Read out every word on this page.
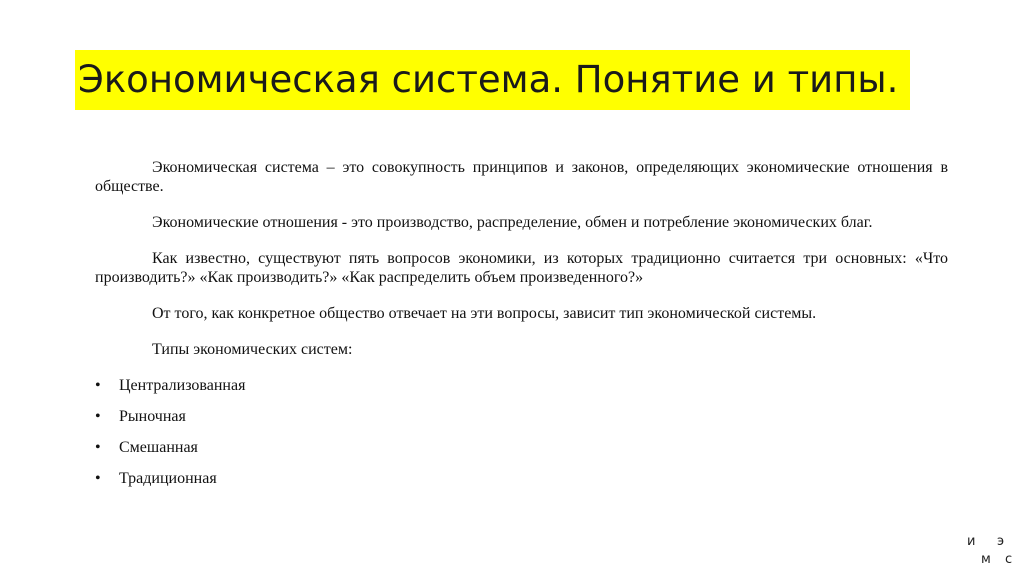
Экономическая система. Понятие и типы.

Экономическая система – это совокупность принципов и законов, определяющих экономические отношения в обществе.

Экономические отношения - это производство, распределение, обмен и потребление экономических благ.

Как известно, существуют пять вопросов экономики, из которых традиционно считается три основных: «Что производить?» «Как производить?» «Как распределить объем произведенного?»

От того, как конкретное общество отвечает на эти вопросы, зависит тип экономической системы.

Типы экономических систем:

• Централизованная
• Рыночная
• Смешанная
• Традиционная
и э
м с
